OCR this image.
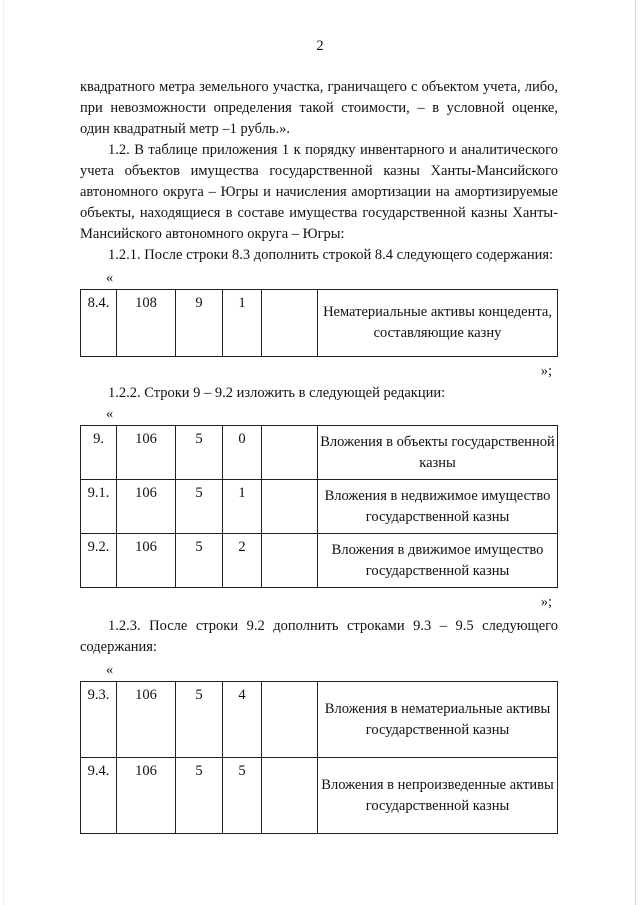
2

квадратного метра земельного участка, граничащего с объектом учета, либо, при невозможности определения такой стоимости, – в условной оценке, один квадратный метр –1 рубль.».

1.2. В таблице приложения 1 к порядку инвентарного и аналитического учета объектов имущества государственной казны Ханты-Мансийского автономного округа – Югры и начисления амортизации на амортизируемые объекты, находящиеся в составе имущества государственной казны Ханты-Мансийского автономного округа – Югры:

1.2.1. После строки 8.3 дополнить строкой 8.4 следующего содержания:

«
8.4.	108	9	1		Нематериальные активы концедента, составляющие казну
»;

1.2.2. Строки 9 – 9.2 изложить в следующей редакции:

«
9.	106	5	0		Вложения в объекты государственной казны
9.1.	106	5	1		Вложения в недвижимое имущество государственной казны
9.2.	106	5	2		Вложения в движимое имущество государственной казны
»;

1.2.3. После строки 9.2 дополнить строками 9.3 – 9.5 следующего содержания:

«
9.3.	106	5	4		Вложения в нематериальные активы государственной казны
9.4.	106	5	5		Вложения в непроизведенные активы государственной казны
